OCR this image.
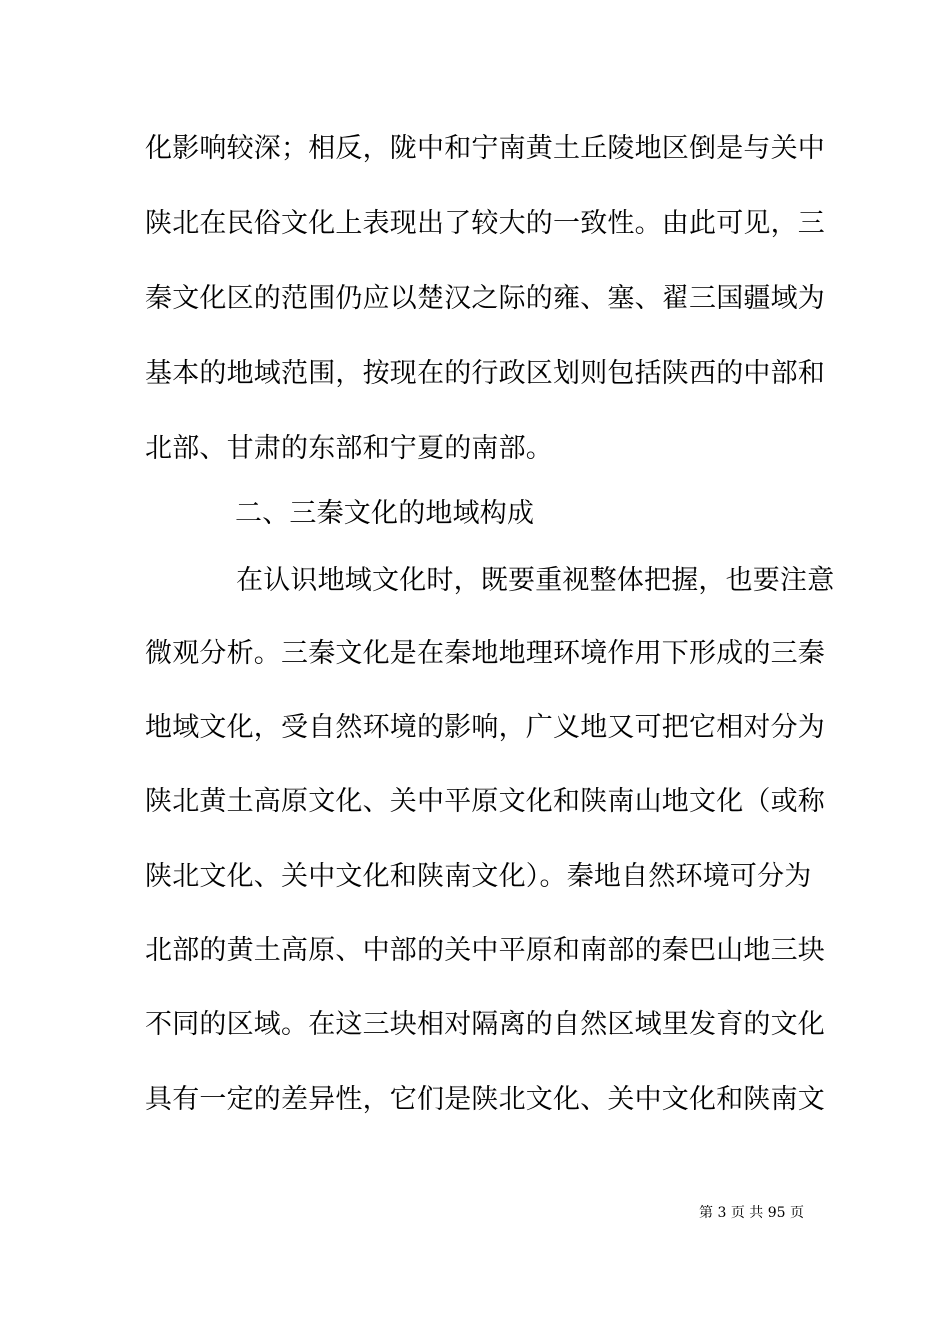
化影响较深；相反，陇中和宁南黄土丘陵地区倒是与关中
陕北在民俗文化上表现出了较大的一致性。由此可见，三
秦文化区的范围仍应以楚汉之际的雍、塞、翟三国疆域为
基本的地域范围，按现在的行政区划则包括陕西的中部和
北部、甘肃的东部和宁夏的南部。
二、三秦文化的地域构成
在认识地域文化时，既要重视整体把握，也要注意
微观分析。三秦文化是在秦地地理环境作用下形成的三秦
地域文化，受自然环境的影响，广义地又可把它相对分为
陕北黄土高原文化、关中平原文化和陕南山地文化（或称
陕北文化、关中文化和陕南文化）。秦地自然环境可分为
北部的黄土高原、中部的关中平原和南部的秦巴山地三块
不同的区域。在这三块相对隔离的自然区域里发育的文化
具有一定的差异性，它们是陕北文化、关中文化和陕南文
第 3 页 共 95 页
